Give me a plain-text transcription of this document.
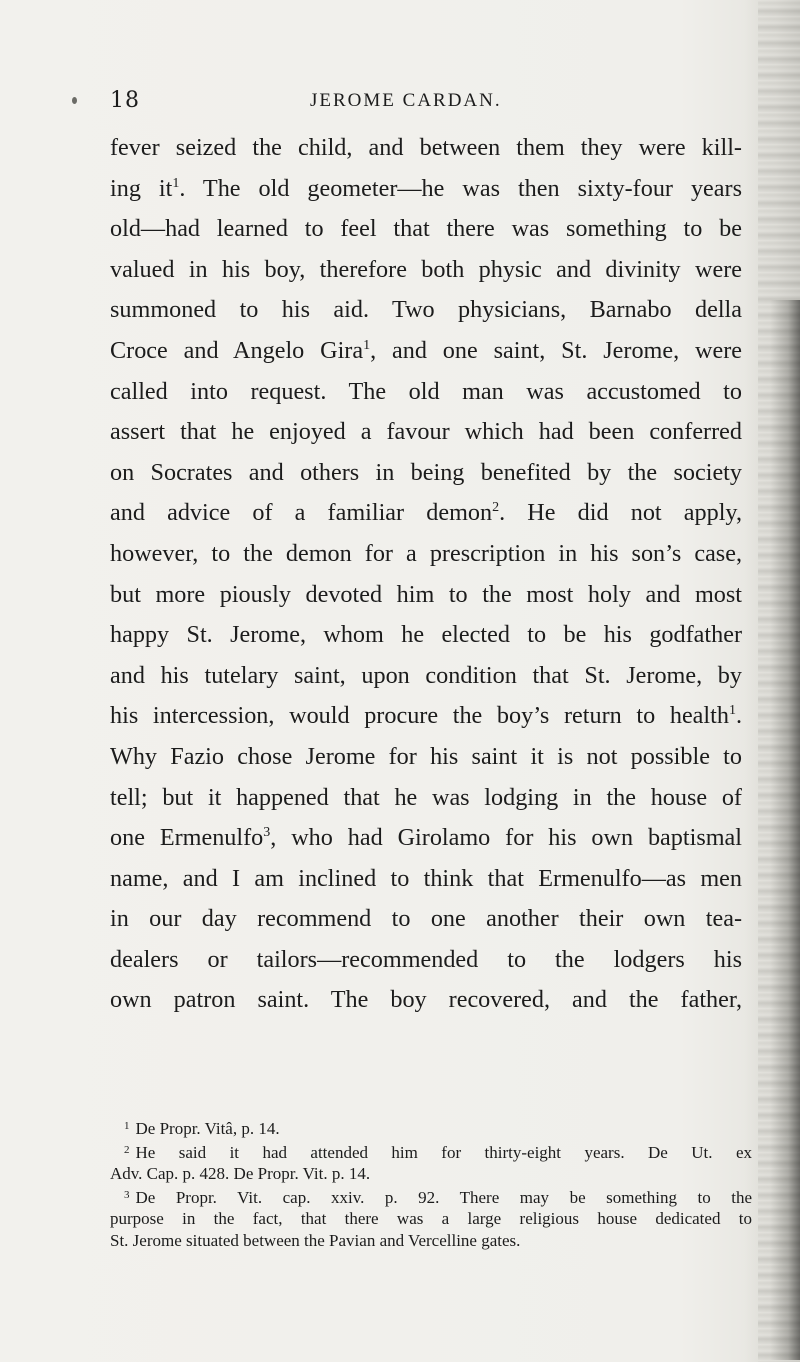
18	JEROME CARDAN.
fever seized the child, and between them they were kill-
ing $it^1$. The old geometer—he was then sixty-four years
old—had learned to feel that there was something to be
valued in his boy, therefore both physic and divinity were
summoned to his aid. Two physicians, Barnabo della
Croce and Angelo Gira$^1$, and one saint, St. Jerome, were
called into request. The old man was accustomed to
assert that he enjoyed a favour which had been conferred
on Socrates and others in being benefited by the society
and advice of a familiar demon$^2$. He did not apply,
however, to the demon for a prescription in his son’s case,
but more piously devoted him to the most holy and most
happy St. Jerome, whom he elected to be his godfather
and his tutelary saint, upon condition that St. Jerome, by
his intercession, would procure the boy’s return to health$^1$.
Why Fazio chose Jerome for his saint it is not possible to
tell; but it happened that he was lodging in the house of
one Ermenulfo$^3$, who had Girolamo for his own baptismal
name, and I am inclined to think that Ermenulfo—as men
in our day recommend to one another their own tea-
dealers or tailors—recommended to the lodgers his
own patron saint. The boy recovered, and the father,
$^1$ De Propr. Vitâ, p. 14.
$^2$ He said it had attended him for thirty-eight years. De Ut. ex
Adv. Cap. p. 428. De Propr. Vit. p. 14.
$^3$ De Propr. Vit. cap. xxiv. p. 92. There may be something to the
purpose in the fact, that there was a large religious house dedicated to
St. Jerome situated between the Pavian and Vercelline gates.
